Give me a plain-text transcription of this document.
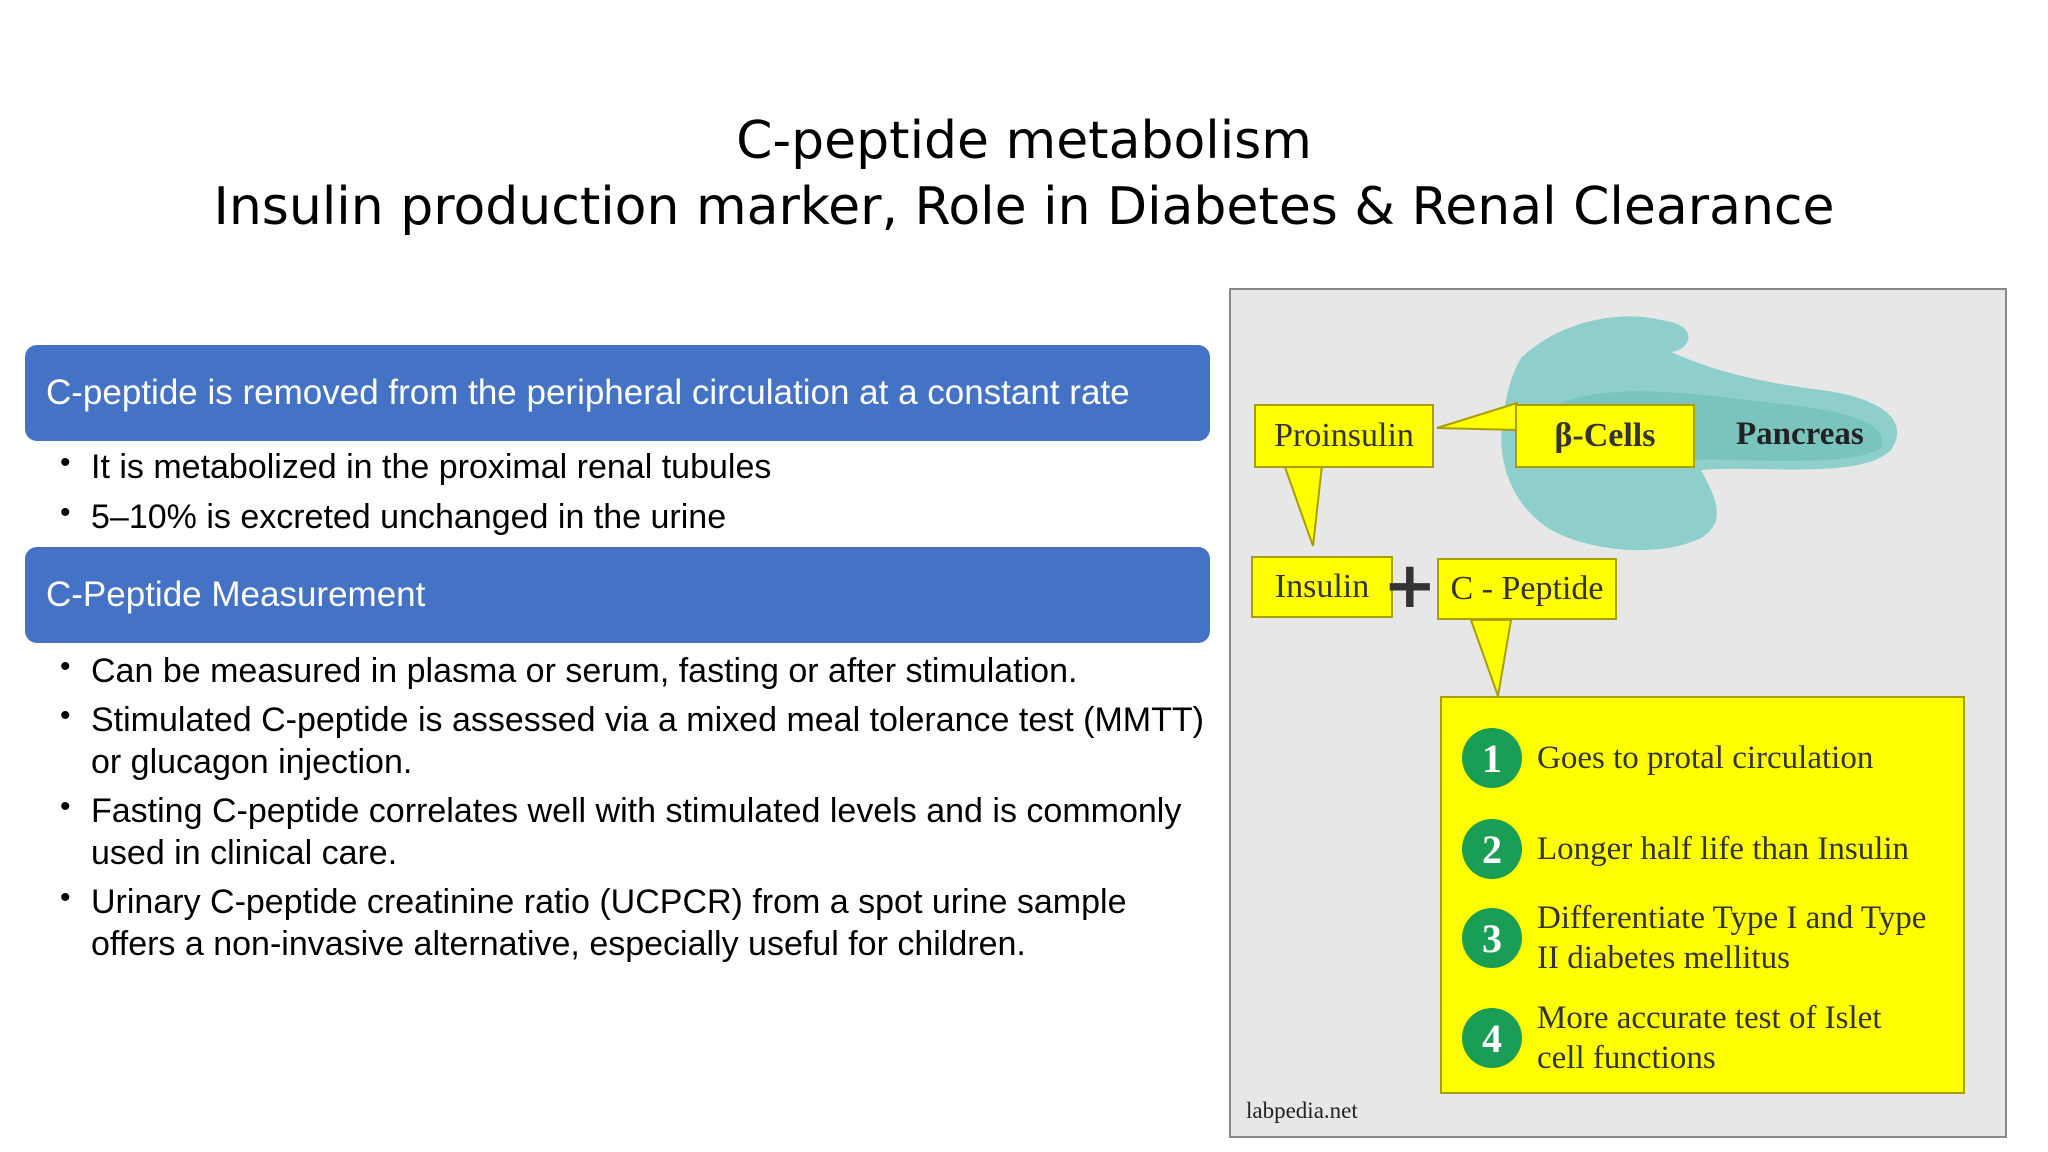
C-peptide metabolism
Insulin production marker, Role in Diabetes & Renal Clearance
C-peptide is removed from the peripheral circulation at a constant rate
• It is metabolized in the proximal renal tubules
• 5–10% is excreted unchanged in the urine
C-Peptide Measurement
• Can be measured in plasma or serum, fasting or after stimulation.
• Stimulated C-peptide is assessed via a mixed meal tolerance test (MMTT) or glucagon injection.
• Fasting C-peptide correlates well with stimulated levels and is commonly used in clinical care.
• Urinary C-peptide creatinine ratio (UCPCR) from a spot urine sample offers a non-invasive alternative, especially useful for children.
Proinsulin	β-Cells	Pancreas
Insulin + C - Peptide
1	Goes to protal circulation
2	Longer half life than Insulin
3	Differentiate Type I and Type II diabetes mellitus
4	More accurate test of Islet cell functions
labpedia.net
